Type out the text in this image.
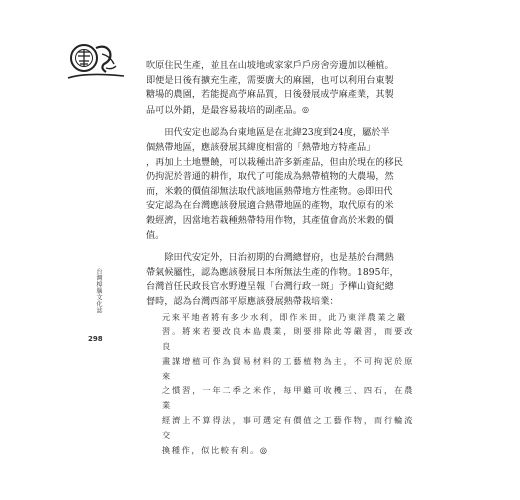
台灣樟腦文化誌
298

吹原住民生產，並且在山坡地或家家戶戶房舍旁邊加以種植。

即便是日後有擴充生產，需要廣大的麻園，也可以利用台東製

糖場的農園，若能提高苧麻品質，日後發展成苧麻產業，其製

品可以外銷，是最容易栽培的副產品。◎

　　田代安定也認為台東地區是在北緯23度到24度，屬於半

個熱帶地區，應該發展其緯度相當的「熱帶地方特產品」

，再加上土地豐饒，可以栽種出許多新產品，但由於現在的移民

仍拘泥於普通的耕作，取代了可能成為熱帶植物的大農場，然

而，米穀的價值卻無法取代該地區熱帶地方性產物。◎即田代

安定認為在台灣應該發展適合熱帶地區的產物，取代原有的米

穀經濟，因當地若栽種熱帶特用作物，其產值會高於米穀的價

值。

　　除田代安定外，日治初期的台灣總督府，也是基於台灣熱

帶氣候屬性，認為應該發展日本所無法生產的作物。1895年，

台灣首任民政長官水野遵呈報「台灣行政一斑」予樺山資紀總

督時，認為台灣西部平原應該發展熱帶栽培業：

元來平地者將有多少水利，即作米田，此乃東洋農業之嚴

習。將來若要改良本島農業，則要排除此等嚴習，而要改良

畫謀增植可作為貿易材料的工藝植物為主，不可拘泥於原來

之慣習，一年二季之米作，每甲雖可收穫三、四石，在農業

經濟上不算得法，事可選定有價值之工藝作物，而行輪流交

換種作，似比較有利。◎
